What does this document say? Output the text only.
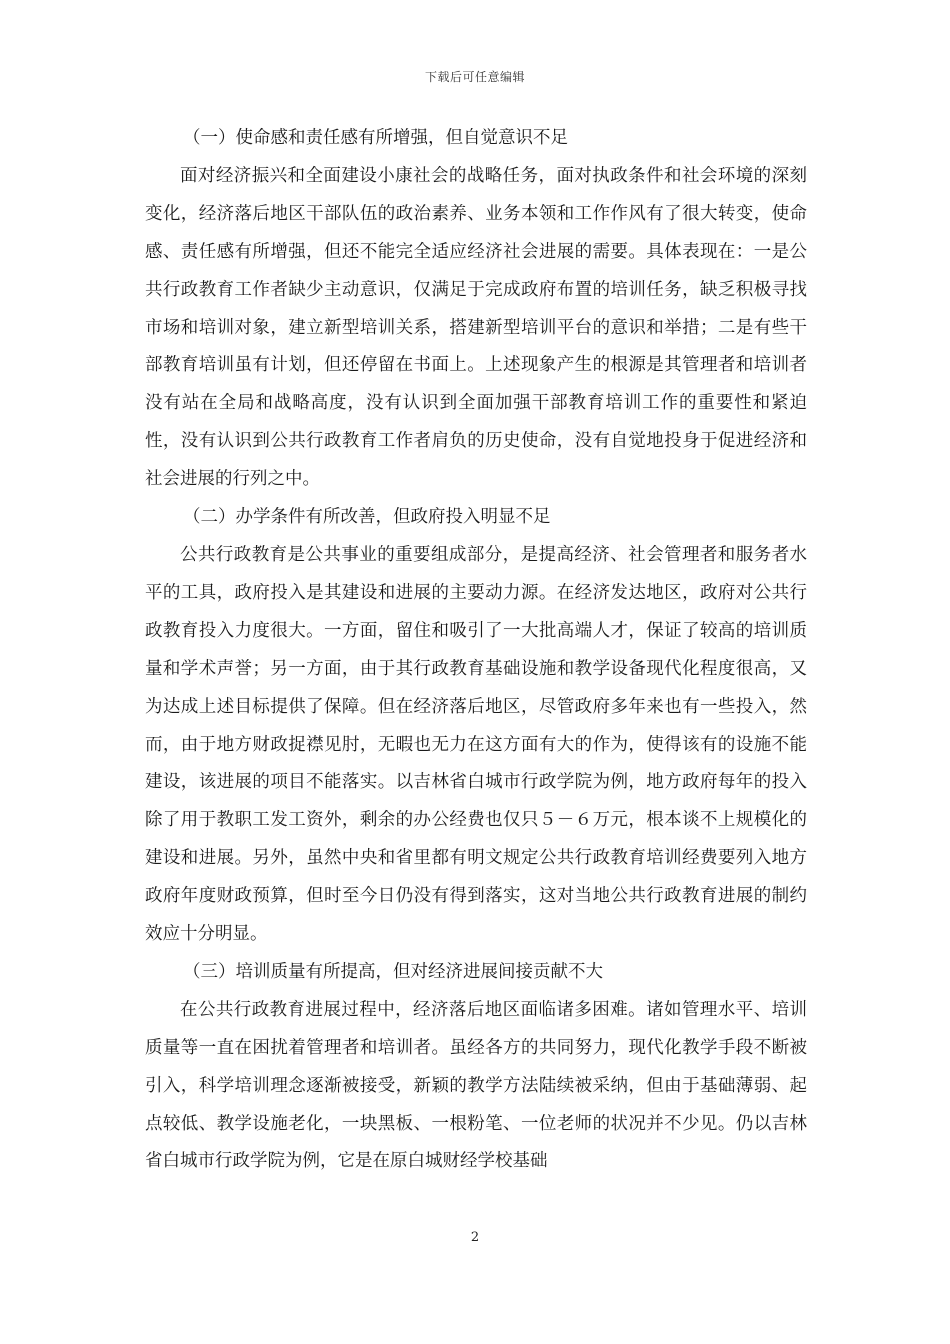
下载后可任意编辑

（一）使命感和责任感有所增强，但自觉意识不足

面对经济振兴和全面建设小康社会的战略任务，面对执政条件和社会环境的深刻变化，经济落后地区干部队伍的政治素养、业务本领和工作作风有了很大转变，使命感、责任感有所增强，但还不能完全适应经济社会进展的需要。具体表现在：一是公共行政教育工作者缺少主动意识，仅满足于完成政府布置的培训任务，缺乏积极寻找市场和培训对象，建立新型培训关系，搭建新型培训平台的意识和举措；二是有些干部教育培训虽有计划，但还停留在书面上。上述现象产生的根源是其管理者和培训者没有站在全局和战略高度，没有认识到全面加强干部教育培训工作的重要性和紧迫性，没有认识到公共行政教育工作者肩负的历史使命，没有自觉地投身于促进经济和社会进展的行列之中。

（二）办学条件有所改善，但政府投入明显不足

公共行政教育是公共事业的重要组成部分，是提高经济、社会管理者和服务者水平的工具，政府投入是其建设和进展的主要动力源。在经济发达地区，政府对公共行政教育投入力度很大。一方面，留住和吸引了一大批高端人才，保证了较高的培训质量和学术声誉；另一方面，由于其行政教育基础设施和教学设备现代化程度很高，又为达成上述目标提供了保障。但在经济落后地区，尽管政府多年来也有一些投入，然而，由于地方财政捉襟见肘，无暇也无力在这方面有大的作为，使得该有的设施不能建设，该进展的项目不能落实。以吉林省白城市行政学院为例，地方政府每年的投入除了用于教职工发工资外，剩余的办公经费也仅只５－６万元，根本谈不上规模化的建设和进展。另外，虽然中央和省里都有明文规定公共行政教育培训经费要列入地方政府年度财政预算，但时至今日仍没有得到落实，这对当地公共行政教育进展的制约效应十分明显。

（三）培训质量有所提高，但对经济进展间接贡献不大

在公共行政教育进展过程中，经济落后地区面临诸多困难。诸如管理水平、培训质量等一直在困扰着管理者和培训者。虽经各方的共同努力，现代化教学手段不断被引入，科学培训理念逐渐被接受，新颖的教学方法陆续被采纳，但由于基础薄弱、起点较低、教学设施老化，一块黑板、一根粉笔、一位老师的状况并不少见。仍以吉林省白城市行政学院为例，它是在原白城财经学校基础

2
